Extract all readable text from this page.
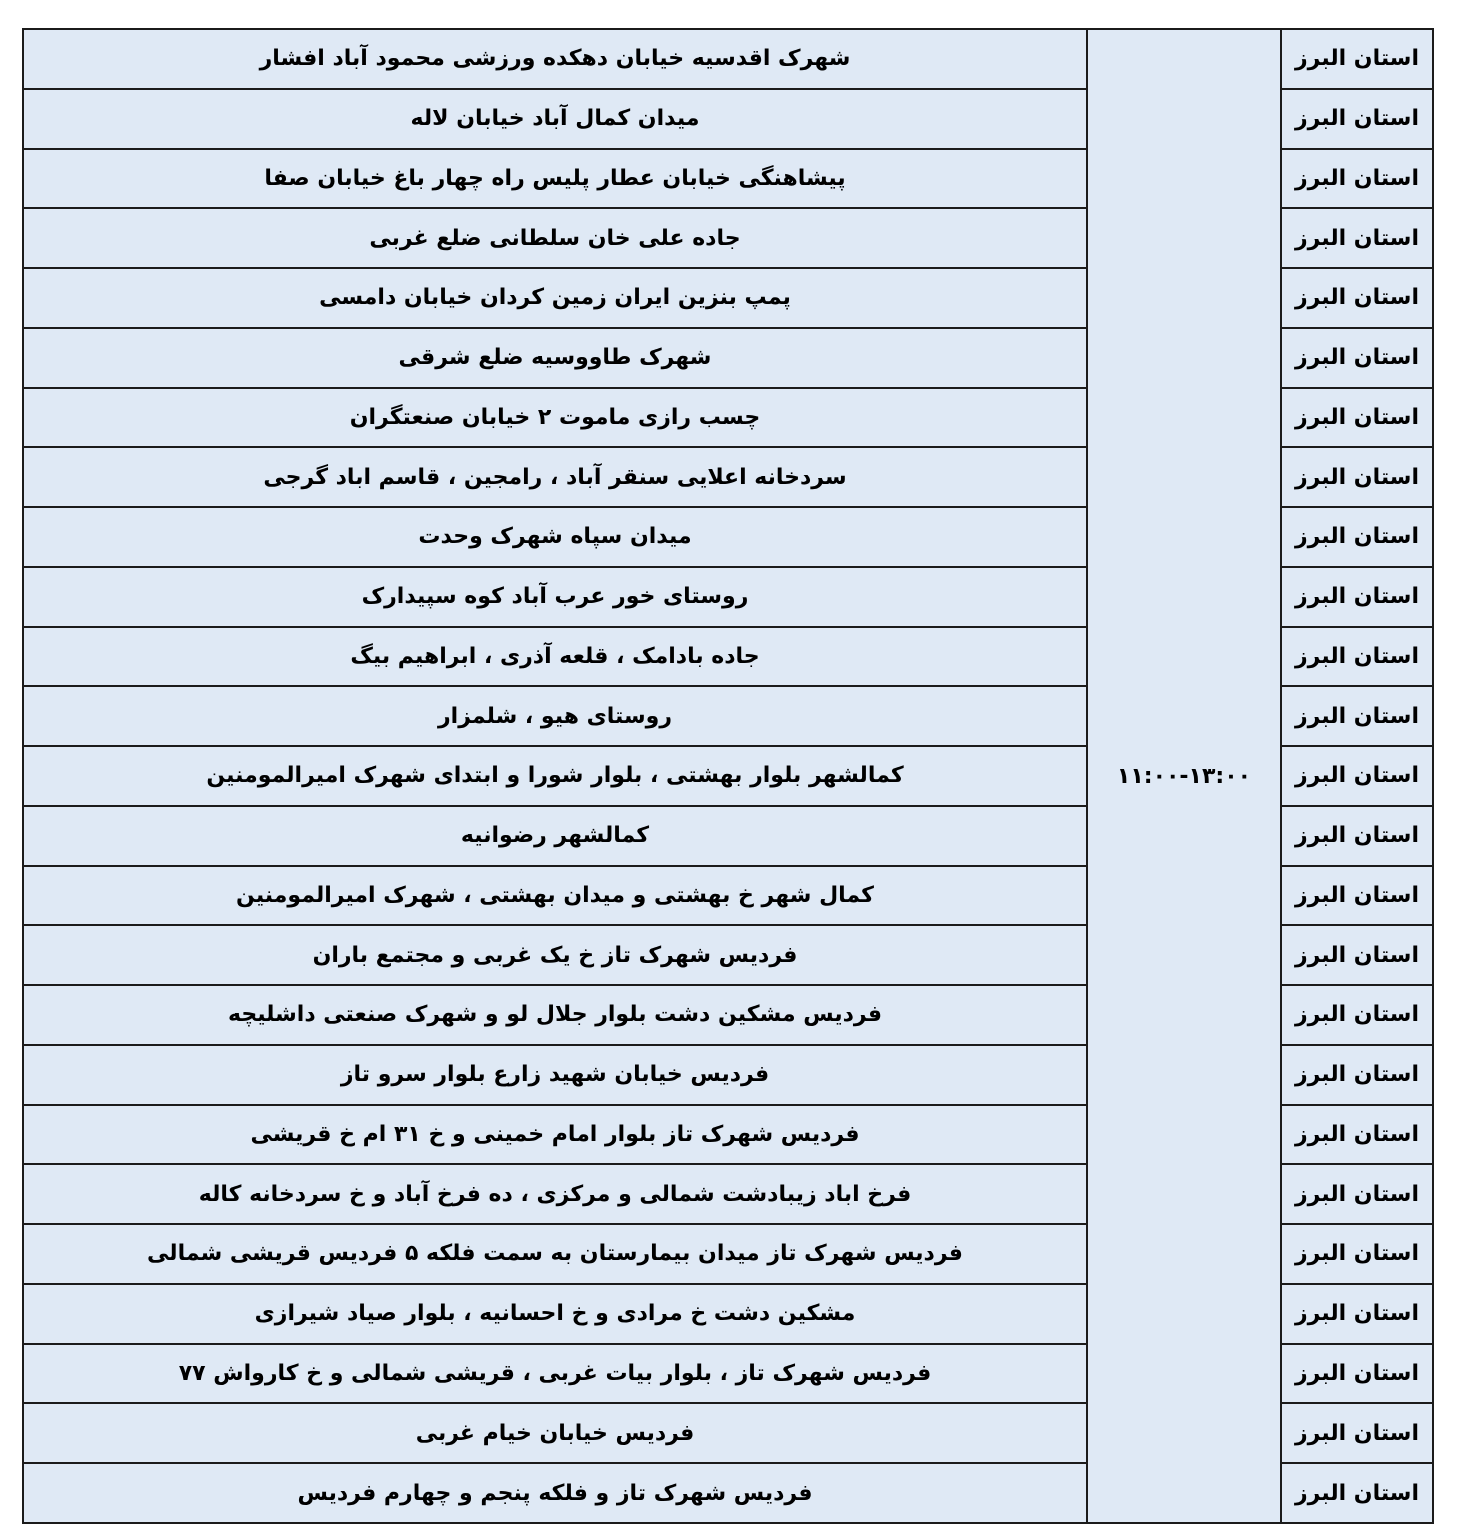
استان البرز	۱۱:۰۰-۱۳:۰۰	شهرک اقدسیه خیابان دهکده ورزشی محمود آباد افشار
استان البرز		میدان کمال آباد خیابان لاله
استان البرز		پیشاهنگی خیابان عطار پلیس راه چهار باغ خیابان صفا
استان البرز		جاده علی خان سلطانی ضلع غربی
استان البرز		پمپ بنزین ایران زمین کردان خیابان دامسی
استان البرز		شهرک طاووسیه ضلع شرقی
استان البرز		چسب رازی ماموت ۲ خیابان صنعتگران
استان البرز		سردخانه اعلایی سنقر آباد ، رامجین ، قاسم اباد گرجی
استان البرز		میدان سپاه شهرک وحدت
استان البرز		روستای خور عرب آباد کوه سپیدارک
استان البرز		جاده بادامک ، قلعه آذری ، ابراهیم بیگ
استان البرز		روستای هیو ، شلمزار
استان البرز		کمالشهر بلوار بهشتی ، بلوار شورا و ابتدای شهرک امیرالمومنین
استان البرز		کمالشهر رضوانیه
استان البرز		کمال شهر خ بهشتی و میدان بهشتی ، شهرک امیرالمومنین
استان البرز		فردیس شهرک تاز خ یک غربی و مجتمع باران
استان البرز		فردیس مشکین دشت بلوار جلال لو و شهرک صنعتی داشلیچه
استان البرز		فردیس خیابان شهید زارع بلوار سرو تاز
استان البرز		فردیس شهرک تاز بلوار امام خمینی و خ ۳۱ ام خ قریشی
استان البرز		فرخ اباد زیبادشت شمالی و مرکزی ، ده فرخ آباد و خ سردخانه کاله
استان البرز		فردیس شهرک تاز میدان بیمارستان به سمت فلکه ۵ فردیس قریشی شمالی
استان البرز		مشکین دشت خ مرادی و خ احسانیه ، بلوار صیاد شیرازی
استان البرز		فردیس شهرک تاز ، بلوار بیات غربی ، قریشی شمالی و خ کارواش ۷۷
استان البرز		فردیس خیابان خیام غربی
استان البرز		فردیس شهرک تاز و فلکه پنجم و چهارم فردیس
